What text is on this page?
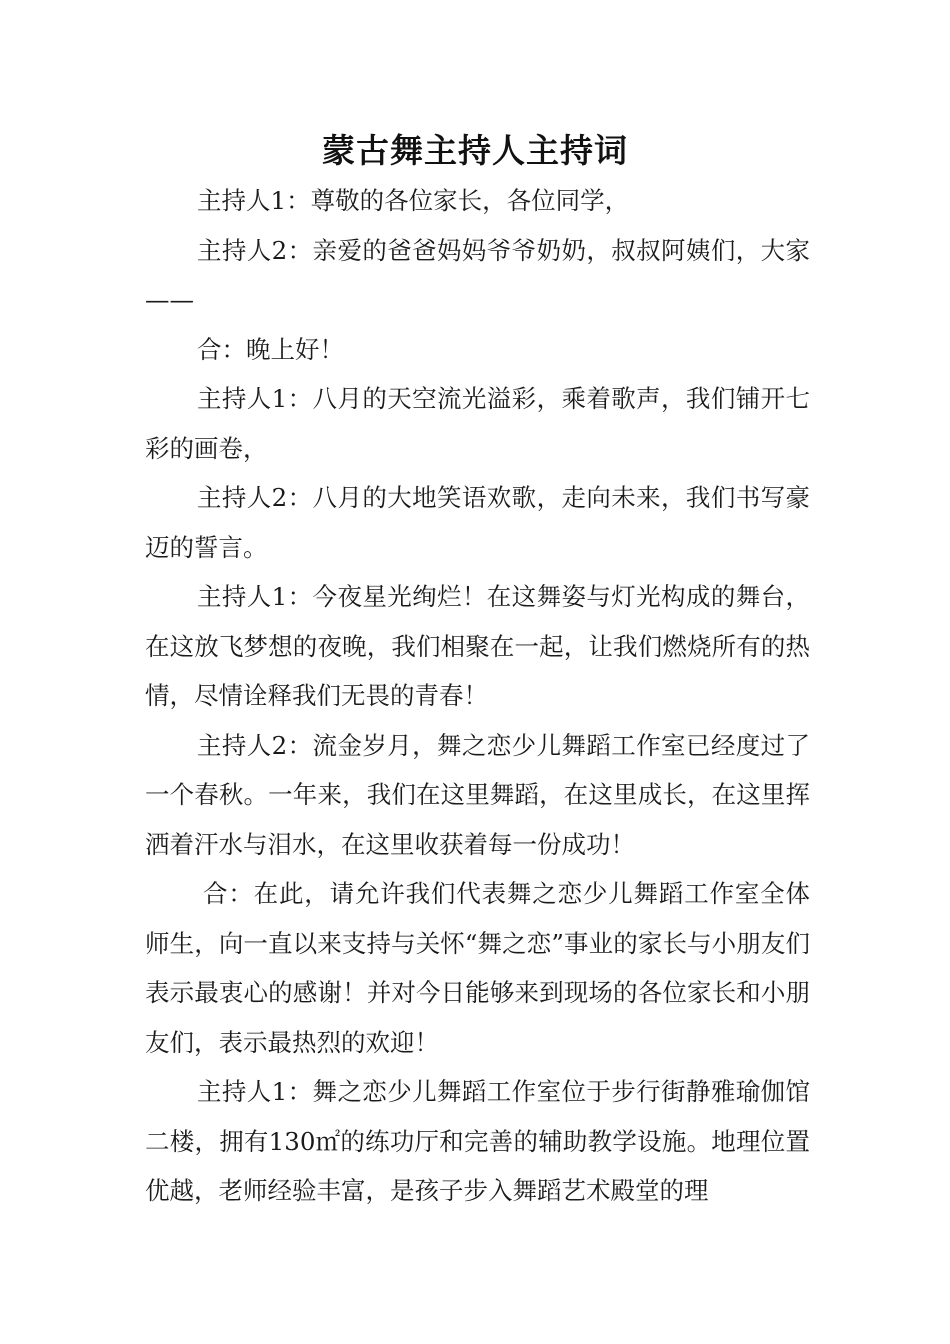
蒙古舞主持人主持词

主持人1：尊敬的各位家长，各位同学，

主持人2：亲爱的爸爸妈妈爷爷奶奶，叔叔阿姨们，大家——

合：晚上好！

主持人1：八月的天空流光溢彩，乘着歌声，我们铺开七彩的画卷，

主持人2：八月的大地笑语欢歌，走向未来，我们书写豪迈的誓言。

主持人1：今夜星光绚烂！在这舞姿与灯光构成的舞台，在这放飞梦想的夜晚，我们相聚在一起，让我们燃烧所有的热情，尽情诠释我们无畏的青春！

主持人2：流金岁月，舞之恋少儿舞蹈工作室已经度过了一个春秋。一年来，我们在这里舞蹈，在这里成长，在这里挥洒着汗水与泪水，在这里收获着每一份成功！

合：在此，请允许我们代表舞之恋少儿舞蹈工作室全体师生，向一直以来支持与关怀“舞之恋”事业的家长与小朋友们表示最衷心的感谢！并对今日能够来到现场的各位家长和小朋友们，表示最热烈的欢迎！

主持人1：舞之恋少儿舞蹈工作室位于步行街静雅瑜伽馆二楼，拥有130㎡的练功厅和完善的辅助教学设施。地理位置优越，老师经验丰富，是孩子步入舞蹈艺术殿堂的理
